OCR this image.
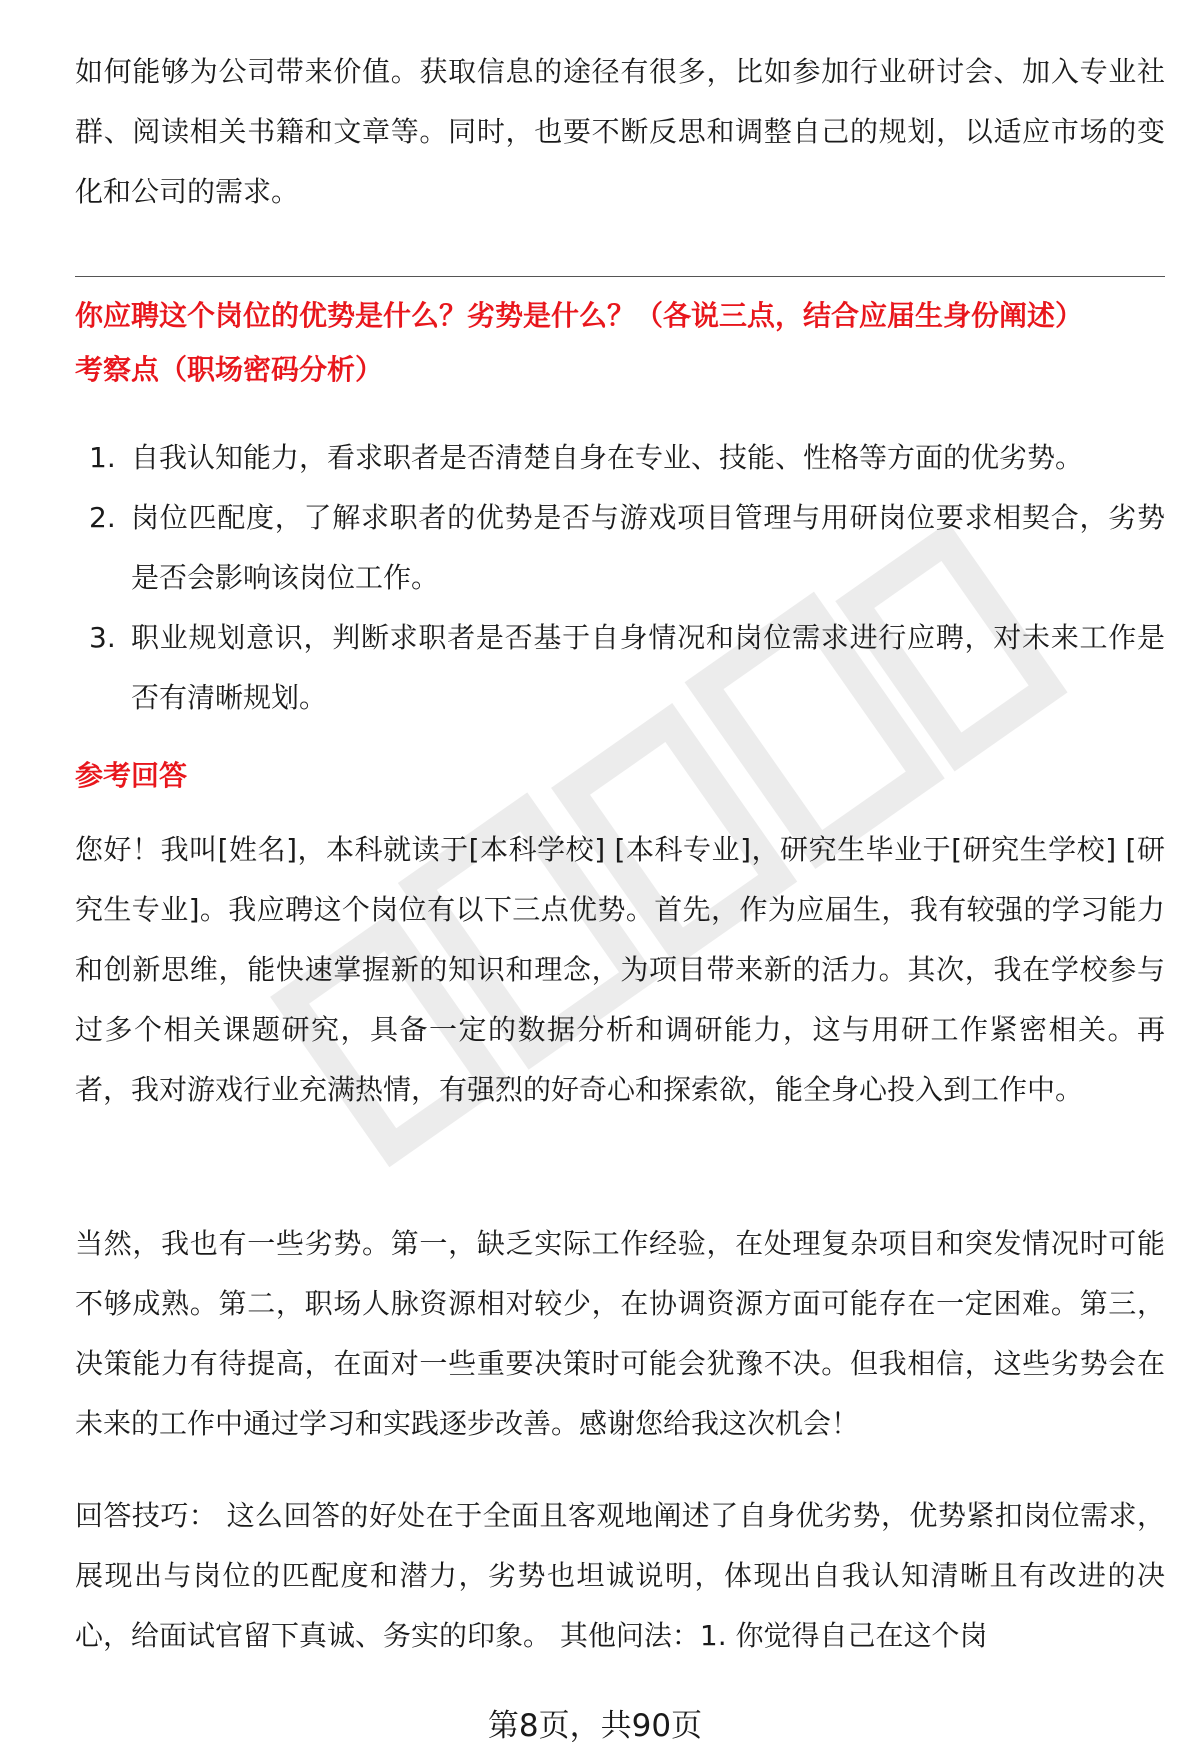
如何能够为公司带来价值。获取信息的途径有很多，比如参加行业研讨会、加入专业社群、阅读相关书籍和文章等。同时，也要不断反思和调整自己的规划，以适应市场的变化和公司的需求。

你应聘这个岗位的优势是什么？劣势是什么？（各说三点，结合应届生身份阐述）
考察点（职场密码分析）
1. 自我认知能力，看求职者是否清楚自身在专业、技能、性格等方面的优劣势。
2. 岗位匹配度，了解求职者的优势是否与游戏项目管理与用研岗位要求相契合，劣势是否会影响该岗位工作。
3. 职业规划意识，判断求职者是否基于自身情况和岗位需求进行应聘，对未来工作是否有清晰规划。
参考回答

您好！我叫[姓名]，本科就读于[本科学校] [本科专业]，研究生毕业于[研究生学校] [研究生专业]。我应聘这个岗位有以下三点优势。首先，作为应届生，我有较强的学习能力和创新思维，能快速掌握新的知识和理念，为项目带来新的活力。其次，我在学校参与过多个相关课题研究，具备一定的数据分析和调研能力，这与用研工作紧密相关。再者，我对游戏行业充满热情，有强烈的好奇心和探索欲，能全身心投入到工作中。

当然，我也有一些劣势。第一，缺乏实际工作经验，在处理复杂项目和突发情况时可能不够成熟。第二，职场人脉资源相对较少，在协调资源方面可能存在一定困难。第三，决策能力有待提高，在面对一些重要决策时可能会犹豫不决。但我相信，这些劣势会在未来的工作中通过学习和实践逐步改善。感谢您给我这次机会！

回答技巧： 这么回答的好处在于全面且客观地阐述了自身优劣势，优势紧扣岗位需求，展现出与岗位的匹配度和潜力，劣势也坦诚说明，体现出自我认知清晰且有改进的决心，给面试官留下真诚、务实的印象。 其他问法：1. 你觉得自己在这个岗

第8页，共90页
